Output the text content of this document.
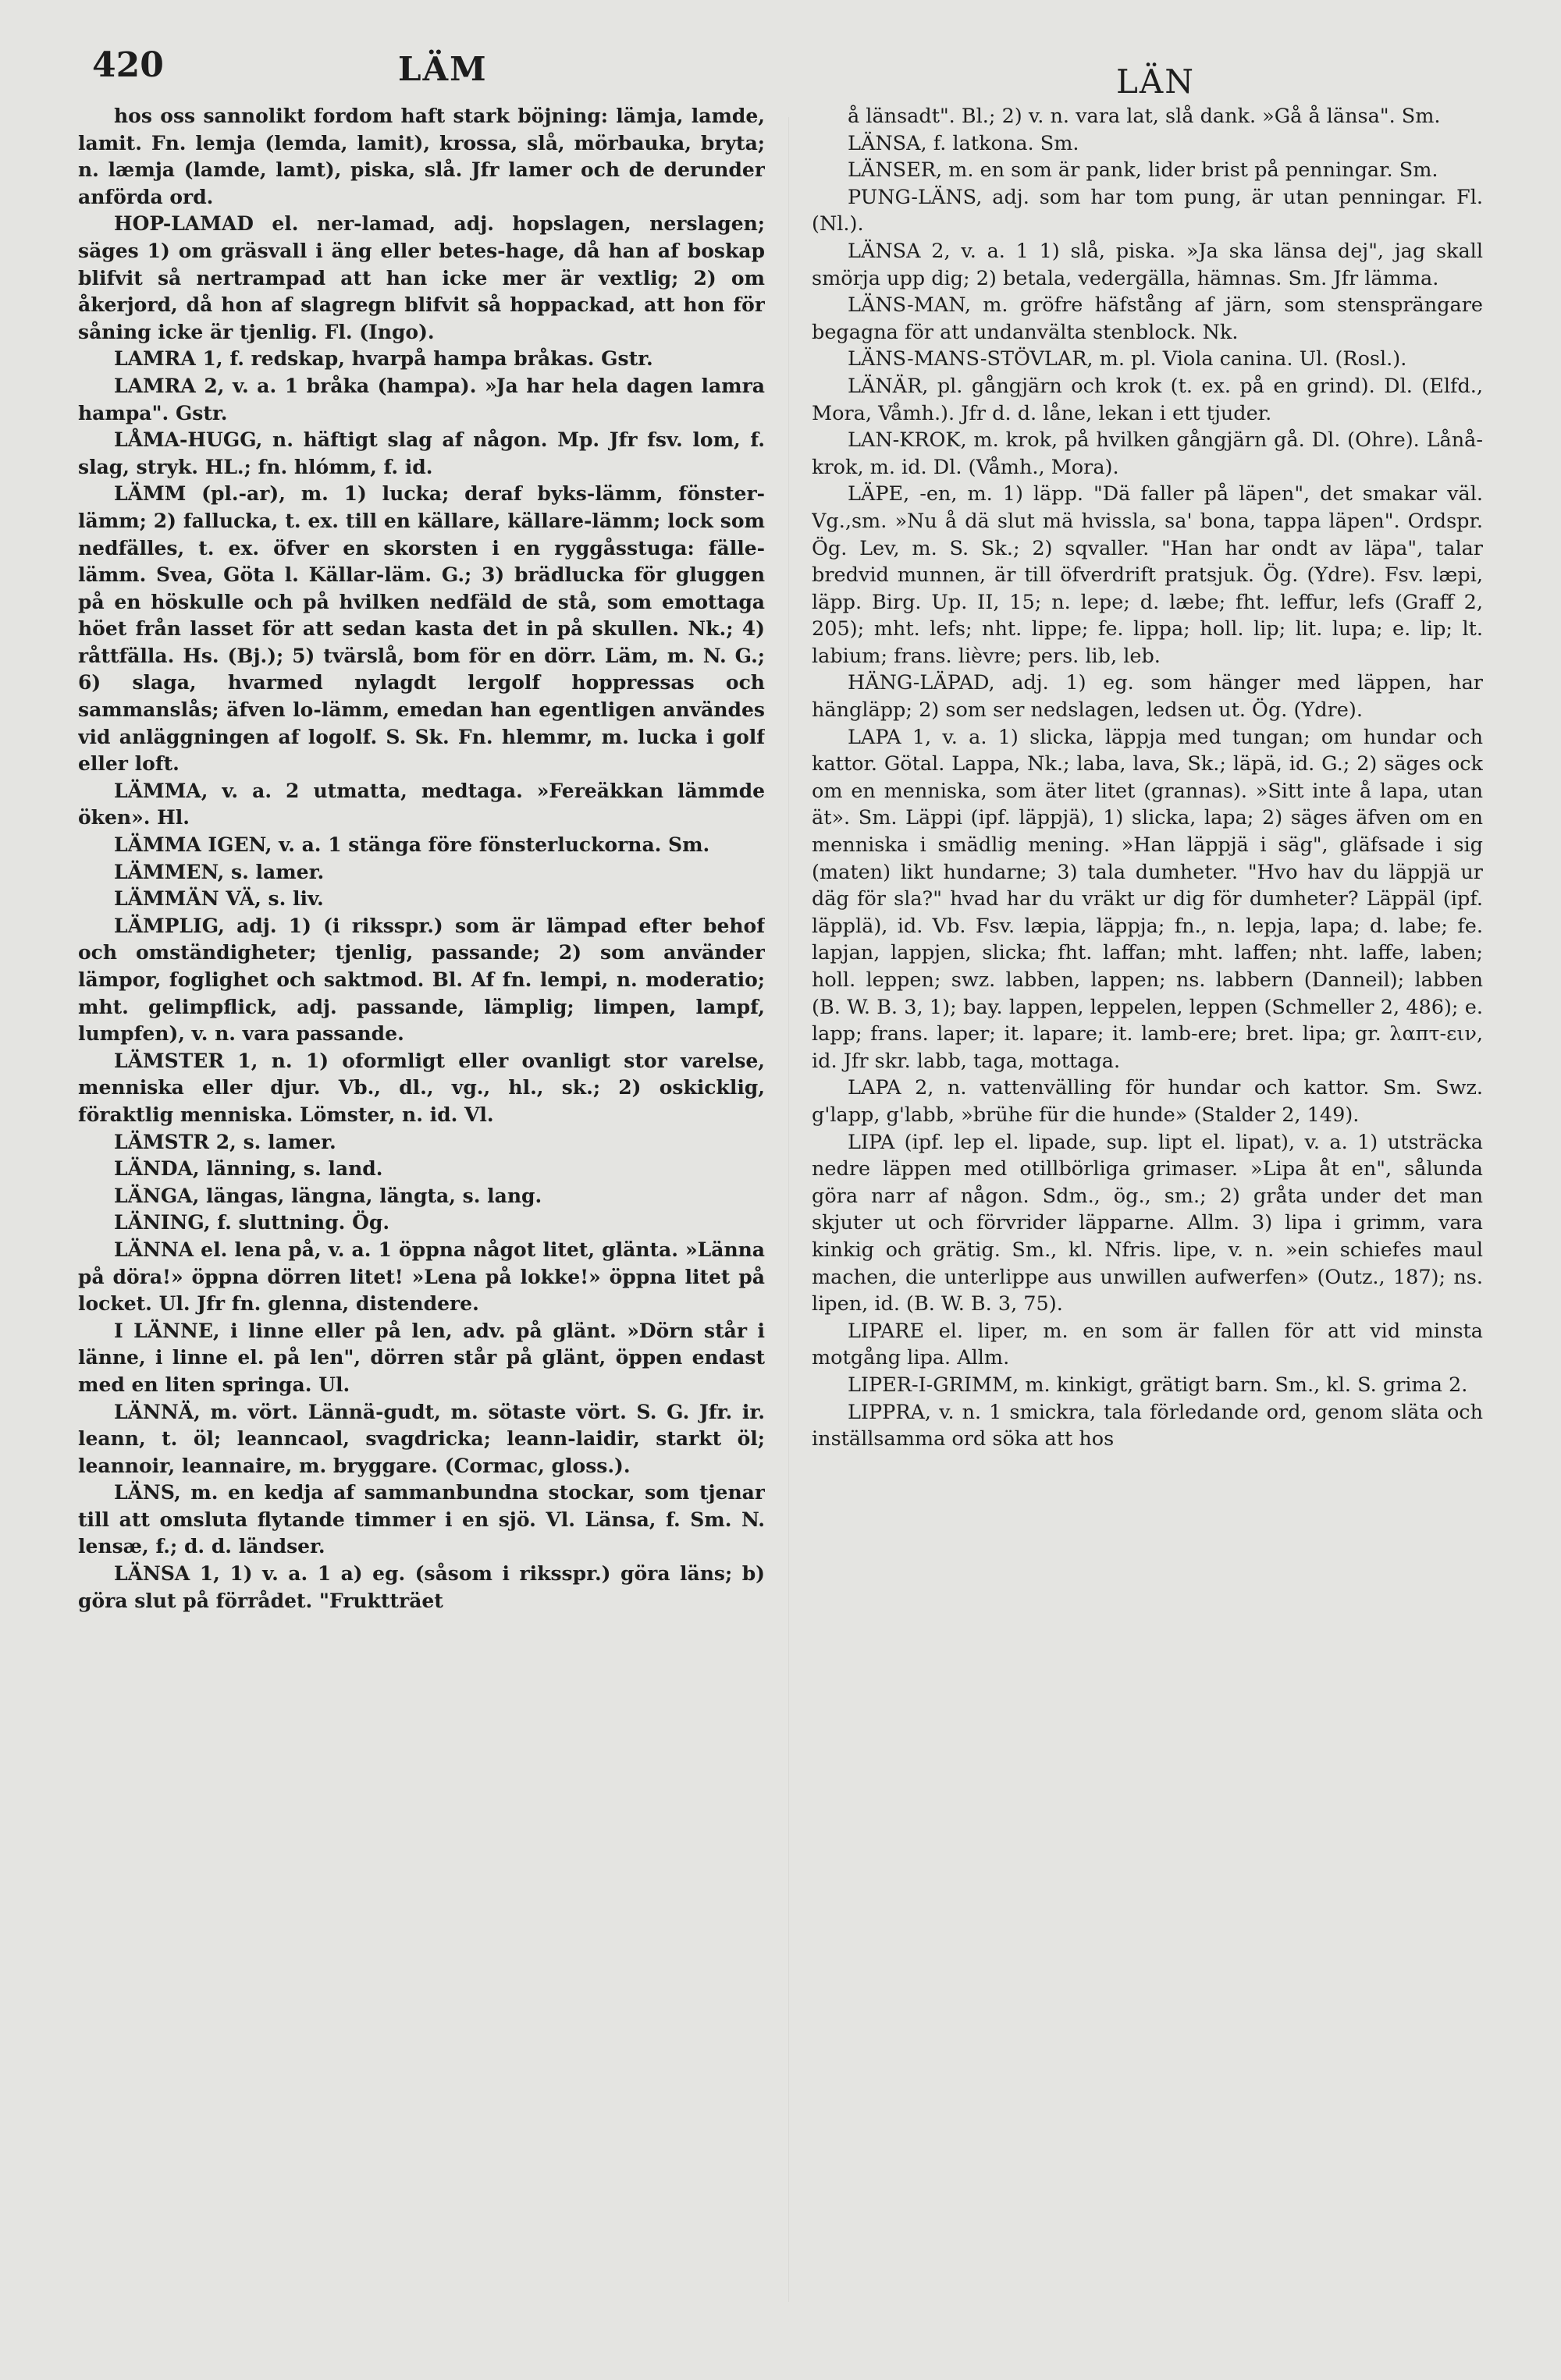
420	LÄM	LÄN

hos oss sannolikt fordom haft stark böjning: lämja, lamde, lamit. Fn. lemja (lemda, lamit), krossa, slå, mörbauka, bryta; n. læmja (lamde, lamt), piska, slå. Jfr lamer och de derunder anförda ord.

HOP-LAMAD el. ner-lamad, adj. hopslagen, nerslagen; säges 1) om gräsvall i äng eller betes-hage, då han af boskap blifvit så nertrampad att han icke mer är vextlig; 2) om åkerjord, då hon af slagregn blifvit så hoppackad, att hon för såning icke är tjenlig. Fl. (Ingo).

LAMRA 1, f. redskap, hvarpå hampa bråkas. Gstr.

LAMRA 2, v. a. 1 bråka (hampa). »Ja har hela dagen lamra hampa". Gstr.

LÅMA-HUGG, n. häftigt slag af någon. Mp. Jfr fsv. lom, f. slag, stryk. HL.; fn. hlómm, f. id.

LÄMM (pl.-ar), m. 1) lucka; deraf byks-lämm, fönster-lämm; 2) fallucka, t. ex. till en källare, källare-lämm; lock som nedfälles, t. ex. öfver en skorsten i en ryggåsstuga: fälle-lämm. Svea, Göta l. Källar-läm. G.; 3) brädlucka för gluggen på en höskulle och på hvilken nedfäld de stå, som emottaga höet från lasset för att sedan kasta det in på skullen. Nk.; 4) råttfälla. Hs. (Bj.); 5) tvärslå, bom för en dörr. Läm, m. N. G.; 6) slaga, hvarmed nylagdt lergolf hoppressas och sammanslås; äfven lo-lämm, emedan han egentligen användes vid anläggningen af logolf. S. Sk. Fn. hlemmr, m. lucka i golf eller loft.

LÄMMA, v. a. 2 utmatta, medtaga. »Fereäkkan lämmde öken». Hl.

LÄMMA IGEN, v. a. 1 stänga före fönsterluckorna. Sm.

LÄMMEN, s. lamer.

LÄMMÄN VÄ, s. liv.

LÄMPLIG, adj. 1) (i riksspr.) som är lämpad efter behof och omständigheter; tjenlig, passande; 2) som använder lämpor, foglighet och saktmod. Bl. Af fn. lempi, n. moderatio; mht. gelimpflick, adj. passande, lämplig; limpen, lampf, lumpfen), v. n. vara passande.

LÄMSTER 1, n. 1) oformligt eller ovanligt stor varelse, menniska eller djur. Vb., dl., vg., hl., sk.; 2) oskicklig, föraktlig menniska. Lömster, n. id. Vl.

LÄMSTR 2, s. lamer.

LÄNDA, länning, s. land.

LÄNGA, längas, längna, längta, s. lang.

LÄNING, f. sluttning. Ög.

LÄNNA el. lena på, v. a. 1 öppna något litet, glänta. »Länna på döra!» öppna dörren litet! »Lena på lokke!» öppna litet på locket. Ul. Jfr fn. glenna, distendere.

I LÄNNE, i linne eller på len, adv. på glänt. »Dörn står i länne, i linne el. på len", dörren står på glänt, öppen endast med en liten springa. Ul.

LÄNNÄ, m. vört. Lännä-gudt, m. sötaste vört. S. G. Jfr. ir. leann, t. öl; leanncaol, svagdricka; leann-laidir, starkt öl; leannoir, leannaire, m. bryggare. (Cormac, gloss.).

LÄNS, m. en kedja af sammanbundna stockar, som tjenar till att omsluta flytande timmer i en sjö. Vl. Länsa, f. Sm. N. lensæ, f.; d. d. ländser.

LÄNSA 1, 1) v. a. 1 a) eg. (såsom i riksspr.) göra läns; b) göra slut på förrådet. "Fruktträet

å länsadt". Bl.; 2) v. n. vara lat, slå dank. »Gå å länsa". Sm.

LÄNSA, f. latkona. Sm.

LÄNSER, m. en som är pank, lider brist på penningar. Sm.

PUNG-LÄNS, adj. som har tom pung, är utan penningar. Fl. (Nl.).

LÄNSA 2, v. a. 1 1) slå, piska. »Ja ska länsa dej", jag skall smörja upp dig; 2) betala, vedergälla, hämnas. Sm. Jfr lämma.

LÄNS-MAN, m. gröfre häfstång af järn, som stensprängare begagna för att undanvälta stenblock. Nk.

LÄNS-MANS-STÖVLAR, m. pl. Viola canina. Ul. (Rosl.).

LÄNÄR, pl. gångjärn och krok (t. ex. på en grind). Dl. (Elfd., Mora, Våmh.). Jfr d. d. låne, lekan i ett tjuder.

LAN-KROK, m. krok, på hvilken gångjärn gå. Dl. (Ohre). Lånå-krok, m. id. Dl. (Våmh., Mora).

LÄPE, -en, m. 1) läpp. "Dä faller på läpen", det smakar väl. Vg.,sm. »Nu å dä slut mä hvissla, sa' bona, tappa läpen". Ordspr. Ög. Lev, m. S. Sk.; 2) sqvaller. "Han har ondt av läpa", talar bredvid munnen, är till öfverdrift pratsjuk. Ög. (Ydre). Fsv. læpi, läpp. Birg. Up. II, 15; n. lepe; d. læbe; fht. leffur, lefs (Graff 2, 205); mht. lefs; nht. lippe; fe. lippa; holl. lip; lit. lupa; e. lip; lt. labium; frans. lièvre; pers. lib, leb.

HÄNG-LÄPAD, adj. 1) eg. som hänger med läppen, har hängläpp; 2) som ser nedslagen, ledsen ut. Ög. (Ydre).

LAPA 1, v. a. 1) slicka, läppja med tungan; om hundar och kattor. Götal. Lappa, Nk.; laba, lava, Sk.; läpä, id. G.; 2) säges ock om en menniska, som äter litet (grannas). »Sitt inte å lapa, utan ät». Sm. Läppi (ipf. läppjä), 1) slicka, lapa; 2) säges äfven om en menniska i smädlig mening. »Han läppjä i säg", gläfsade i sig (maten) likt hundarne; 3) tala dumheter. "Hvo hav du läppjä ur däg för sla?" hvad har du vräkt ur dig för dumheter? Läppäl (ipf. läpplä), id. Vb. Fsv. læpia, läppja; fn., n. lepja, lapa; d. labe; fe. lapjan, lappjen, slicka; fht. laffan; mht. laffen; nht. laffe, laben; holl. leppen; swz. labben, lappen; ns. labbern (Danneil); labben (B. W. B. 3, 1); bay. lappen, leppelen, leppen (Schmeller 2, 486); e. lapp; frans. laper; it. lapare; it. lamb-ere; bret. lipa; gr. λαπτ-ειν, id. Jfr skr. labb, taga, mottaga.

LAPA 2, n. vattenvälling för hundar och kattor. Sm. Swz. g'lapp, g'labb, »brühe für die hunde» (Stalder 2, 149).

LIPA (ipf. lep el. lipade, sup. lipt el. lipat), v. a. 1) utsträcka nedre läppen med otillbörliga grimaser. »Lipa åt en", sålunda göra narr af någon. Sdm., ög., sm.; 2) gråta under det man skjuter ut och förvrider läpparne. Allm. 3) lipa i grimm, vara kinkig och grätig. Sm., kl. Nfris. lipe, v. n. »ein schiefes maul machen, die unterlippe aus unwillen aufwerfen» (Outz., 187); ns. lipen, id. (B. W. B. 3, 75).

LIPARE el. liper, m. en som är fallen för att vid minsta motgång lipa. Allm.

LIPER-I-GRIMM, m. kinkigt, grätigt barn. Sm., kl. S. grima 2.

LIPPRA, v. n. 1 smickra, tala förledande ord, genom släta och inställsamma ord söka att hos
